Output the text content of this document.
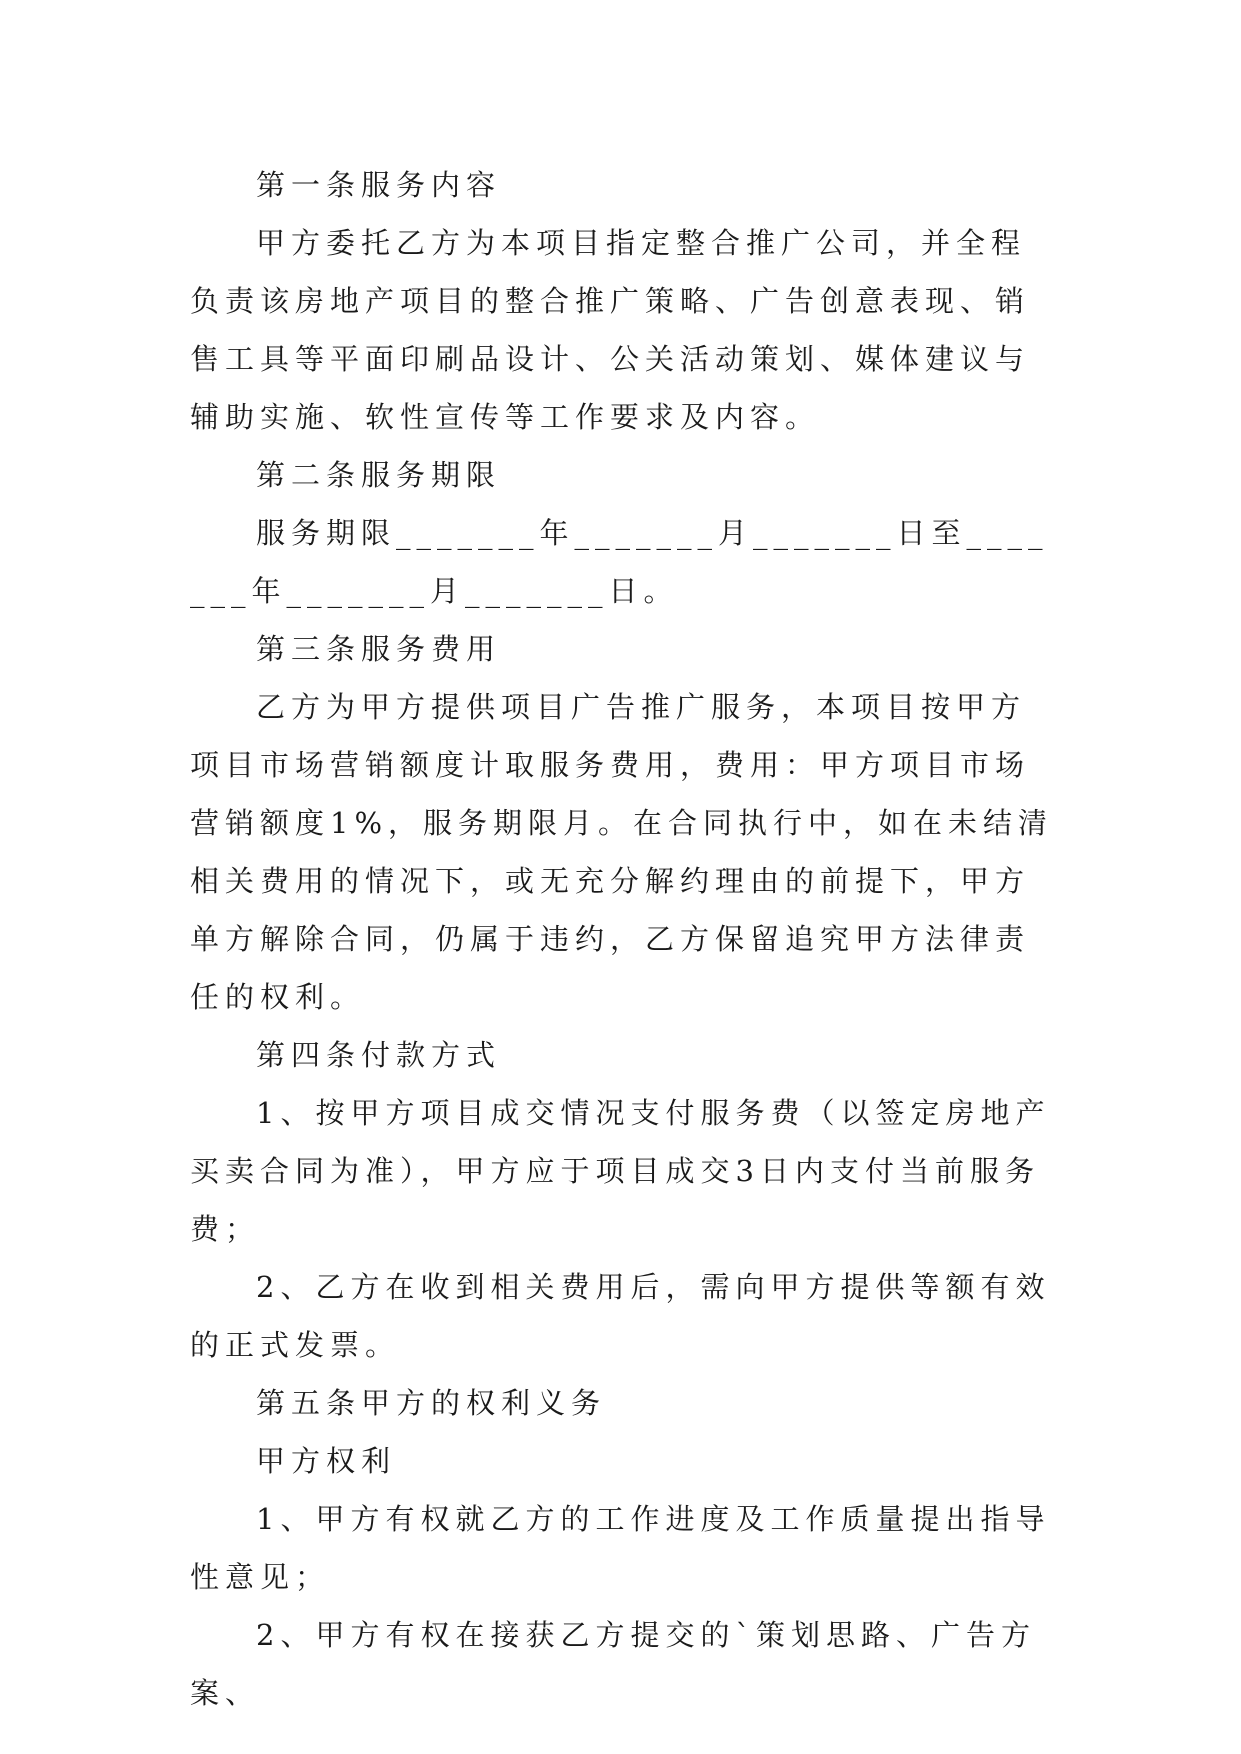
第一条服务内容

甲方委托乙方为本项目指定整合推广公司，并全程负责该房地产项目的整合推广策略、广告创意表现、销售工具等平面印刷品设计、公关活动策划、媒体建议与辅助实施、软性宣传等工作要求及内容。

第二条服务期限

服务期限_______年_______月_______日至_______年_______月_______日。

第三条服务费用

乙方为甲方提供项目广告推广服务，本项目按甲方项目市场营销额度计取服务费用，费用：甲方项目市场营销额度1%，服务期限月。在合同执行中，如在未结清相关费用的情况下，或无充分解约理由的前提下，甲方单方解除合同，仍属于违约，乙方保留追究甲方法律责任的权利。

第四条付款方式

1、按甲方项目成交情况支付服务费（以签定房地产买卖合同为准），甲方应于项目成交3日内支付当前服务费；

2、乙方在收到相关费用后，需向甲方提供等额有效的正式发票。

第五条甲方的权利义务

甲方权利

1、甲方有权就乙方的工作进度及工作质量提出指导性意见；

2、甲方有权在接获乙方提交的`策划思路、广告方案、
